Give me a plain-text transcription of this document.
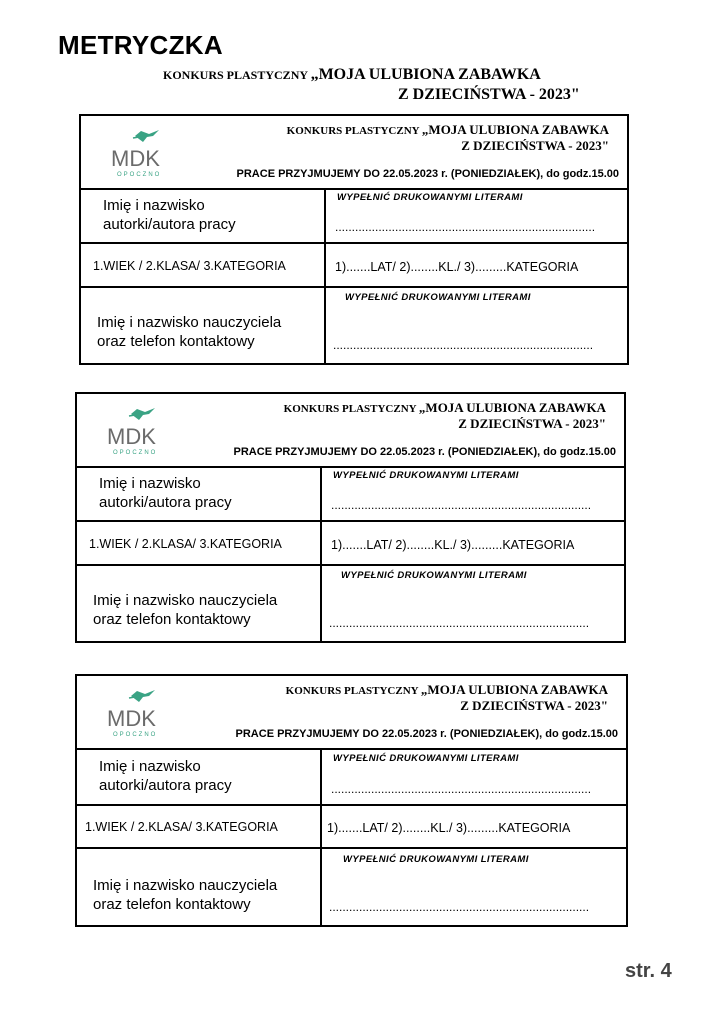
METRYCZKA
KONKURS PLASTYCZNY „MOJA ULUBIONA ZABAWKA
Z DZIECIŃSTWA - 2023"
MDK
OPOCZNO
KONKURS PLASTYCZNY „MOJA ULUBIONA ZABAWKA
Z DZIECIŃSTWA - 2023"
PRACE PRZYJMUJEMY DO 22.05.2023 r. (PONIEDZIAŁEK), do godz.15.00
Imię i nazwisko
autorki/autora pracy
WYPEŁNIĆ DRUKOWANYMI LITERAMI
..............................................................................
1.WIEK / 2.KLASA/ 3.KATEGORIA	1).......LAT/ 2)........KL./ 3).........KATEGORIA
Imię i nazwisko nauczyciela
oraz telefon kontaktowy
WYPEŁNIĆ DRUKOWANYMI LITERAMI
..............................................................................
MDK
OPOCZNO
KONKURS PLASTYCZNY „MOJA ULUBIONA ZABAWKA
Z DZIECIŃSTWA - 2023"
PRACE PRZYJMUJEMY DO 22.05.2023 r. (PONIEDZIAŁEK), do godz.15.00
Imię i nazwisko
autorki/autora pracy
WYPEŁNIĆ DRUKOWANYMI LITERAMI
..............................................................................
1.WIEK / 2.KLASA/ 3.KATEGORIA	1).......LAT/ 2)........KL./ 3).........KATEGORIA
Imię i nazwisko nauczyciela
oraz telefon kontaktowy
WYPEŁNIĆ DRUKOWANYMI LITERAMI
..............................................................................
MDK
OPOCZNO
KONKURS PLASTYCZNY „MOJA ULUBIONA ZABAWKA
Z DZIECIŃSTWA - 2023"
PRACE PRZYJMUJEMY DO 22.05.2023 r. (PONIEDZIAŁEK), do godz.15.00
Imię i nazwisko
autorki/autora pracy
WYPEŁNIĆ DRUKOWANYMI LITERAMI
..............................................................................
1.WIEK / 2.KLASA/ 3.KATEGORIA	1).......LAT/ 2)........KL./ 3).........KATEGORIA
Imię i nazwisko nauczyciela
oraz telefon kontaktowy
WYPEŁNIĆ DRUKOWANYMI LITERAMI
..............................................................................
str. 4
